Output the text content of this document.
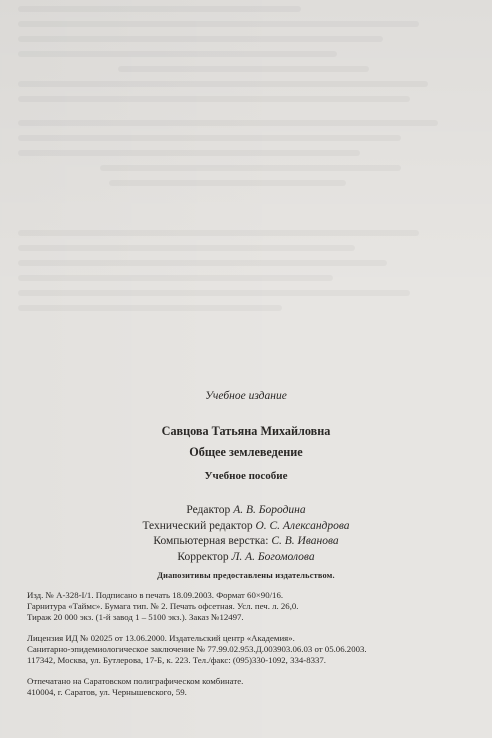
Учебное издание
Савцова Татьяна Михайловна
Общее землеведение
Учебное пособие
Редактор А. В. Бородина
Технический редактор О. С. Александрова
Компьютерная верстка: С. В. Иванова
Корректор Л. А. Богомолова
Диапозитивы предоставлены издательством.

Изд. № А-328-I/1. Подписано в печать 18.09.2003. Формат 60×90/16.

Гарнитура «Таймс». Бумага тип. № 2. Печать офсетная. Усл. печ. л. 26,0.

Тираж 20 000 экз. (1-й завод 1 – 5100 экз.). Заказ №12497.

Лицензия ИД № 02025 от 13.06.2000. Издательский центр «Академия».

Санитарно-эпидемиологическое заключение № 77.99.02.953.Д.003903.06.03 от 05.06.2003.

117342, Москва, ул. Бутлерова, 17-Б, к. 223. Тел./факс: (095)330-1092, 334-8337.

Отпечатано на Саратовском полиграфическом комбинате.

410004, г. Саратов, ул. Чернышевского, 59.
